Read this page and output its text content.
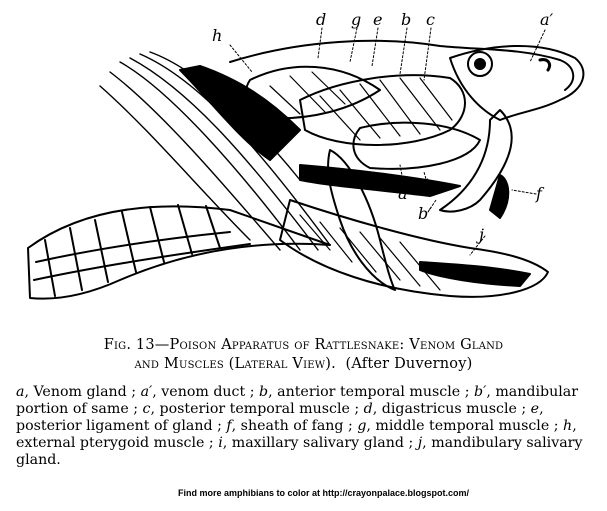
h
d g e b c	a′
a i
b′
f
j
Fig. 13—Poison Apparatus of Rattlesnake: Venom Gland
and Muscles (Lateral View). (After Duvernoy)

a, Venom gland ; a′, venom duct ; b, anterior temporal muscle ; b′, mandibular portion of same ; c, posterior temporal muscle ; d, digastricus muscle ; e, posterior ligament of gland ; f, sheath of fang ; g, middle temporal muscle ; h, external pterygoid muscle ; i, maxillary salivary gland ; j, mandibulary salivary gland.

Find more amphibians to color at http://crayonpalace.blogspot.com/
